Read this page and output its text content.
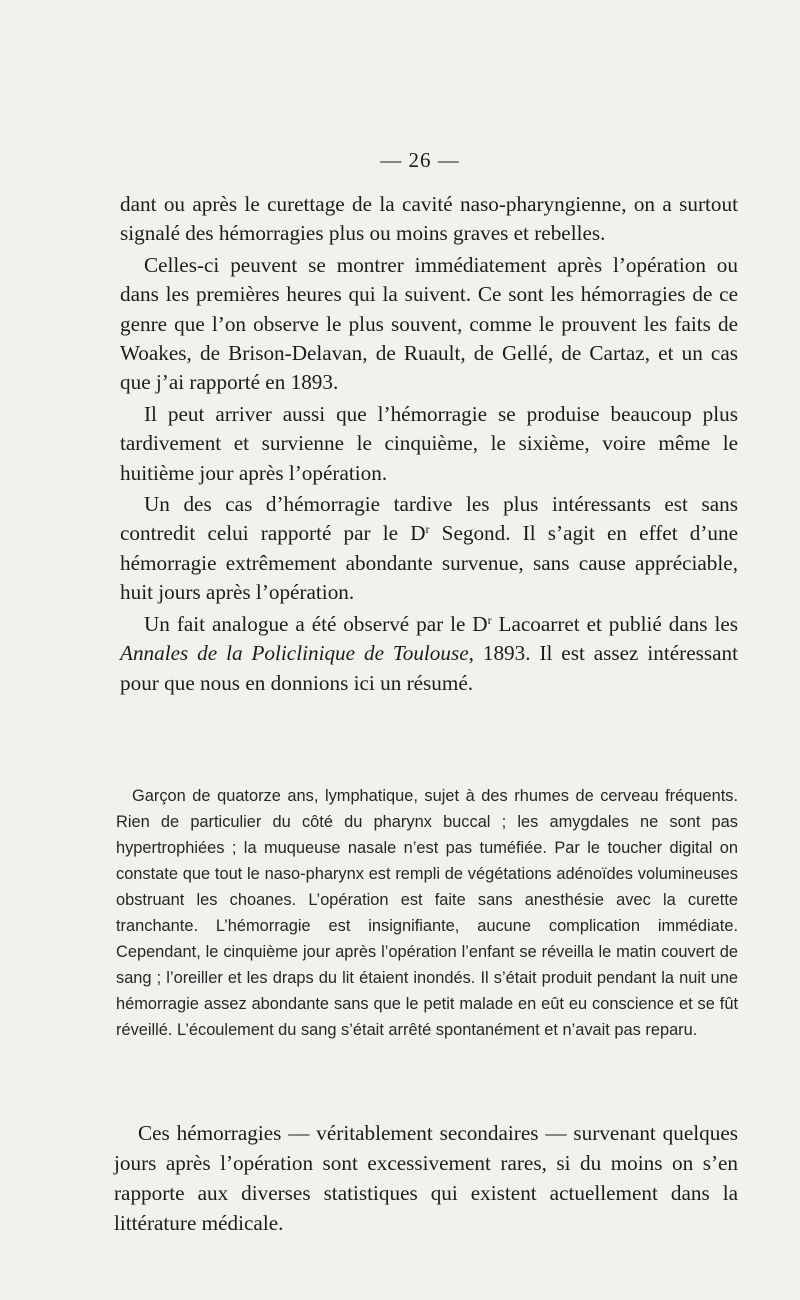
— 26 —

dant ou après le curettage de la cavité naso-pharyngienne, on a surtout signalé des hémorragies plus ou moins graves et rebelles.

Celles-ci peuvent se montrer immédiatement après l’opération ou dans les premières heures qui la suivent. Ce sont les hémorragies de ce genre que l’on observe le plus souvent, comme le prouvent les faits de Woakes, de Brison-Delavan, de Ruault, de Gellé, de Cartaz, et un cas que j’ai rapporté en 1893.

Il peut arriver aussi que l’hémorragie se produise beaucoup plus tardivement et survienne le cinquième, le sixième, voire même le huitième jour après l’opération.

Un des cas d’hémorragie tardive les plus intéressants est sans contredit celui rapporté par le $D^r$ Segond. Il s’agit en effet d’une hémorragie extrêmement abondante survenue, sans cause appréciable, huit jours après l’opération.

Un fait analogue a été observé par le $D^r$ Lacoarret et publié dans les Annales de la Policlinique de Toulouse, 1893. Il est assez intéressant pour que nous en donnions ici un résumé.

Garçon de quatorze ans, lymphatique, sujet à des rhumes de cerveau fréquents. Rien de particulier du côté du pharynx buccal ; les amygdales ne sont pas hypertrophiées ; la muqueuse nasale n’est pas tuméfiée. Par le toucher digital on constate que tout le naso-pharynx est rempli de végétations adénoïdes volumineuses obstruant les choanes. L’opération est faite sans anesthésie avec la curette tranchante. L’hémorragie est insignifiante, aucune complication immédiate. Cependant, le cinquième jour après l’opération l’enfant se réveilla le matin couvert de sang ; l’oreiller et les draps du lit étaient inondés. Il s’était produit pendant la nuit une hémorragie assez abondante sans que le petit malade en eût eu conscience et se fût réveillé. L’écoulement du sang s’était arrêté spontanément et n’avait pas reparu.

Ces hémorragies — véritablement secondaires — survenant quelques jours après l’opération sont excessivement rares, si du moins on s’en rapporte aux diverses statistiques qui existent actuellement dans la littérature médicale.
